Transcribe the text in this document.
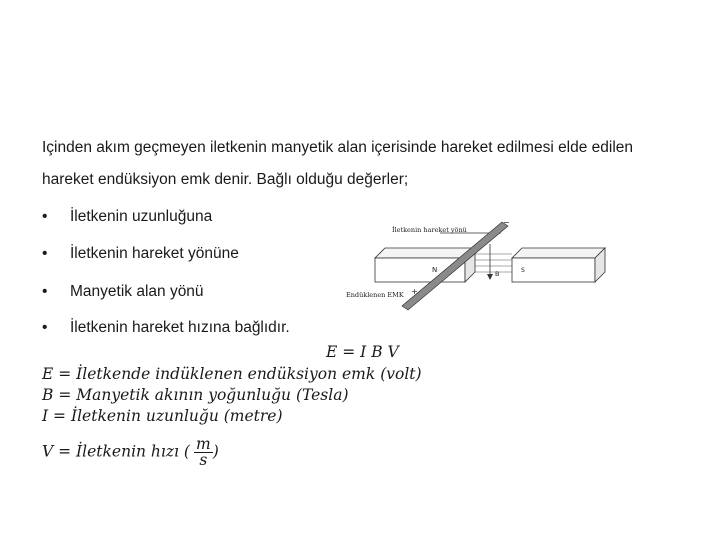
Içinden akım geçmeyen iletkenin manyetik alan içerisinde hareket edilmesi elde edilen
hareket endüksiyon emk denir. Bağlı olduğu değerler;
• İletkenin uzunluğuna
• İletkenin hareket yönüne
• Manyetik alan yönü
• İletkenin hareket hızına bağlıdır.
İletkenin hareket yönü
Endüklenen EMK
N	S
B
+
−
E = I B V
E = İletkende indüklenen endüksiyon emk (volt)
B = Manyetik akının yoğunluğu (Tesla)
I = İletkenin uzunluğu (metre)
V = İletkenin hızı ( $\frac{m}{s}$ )
